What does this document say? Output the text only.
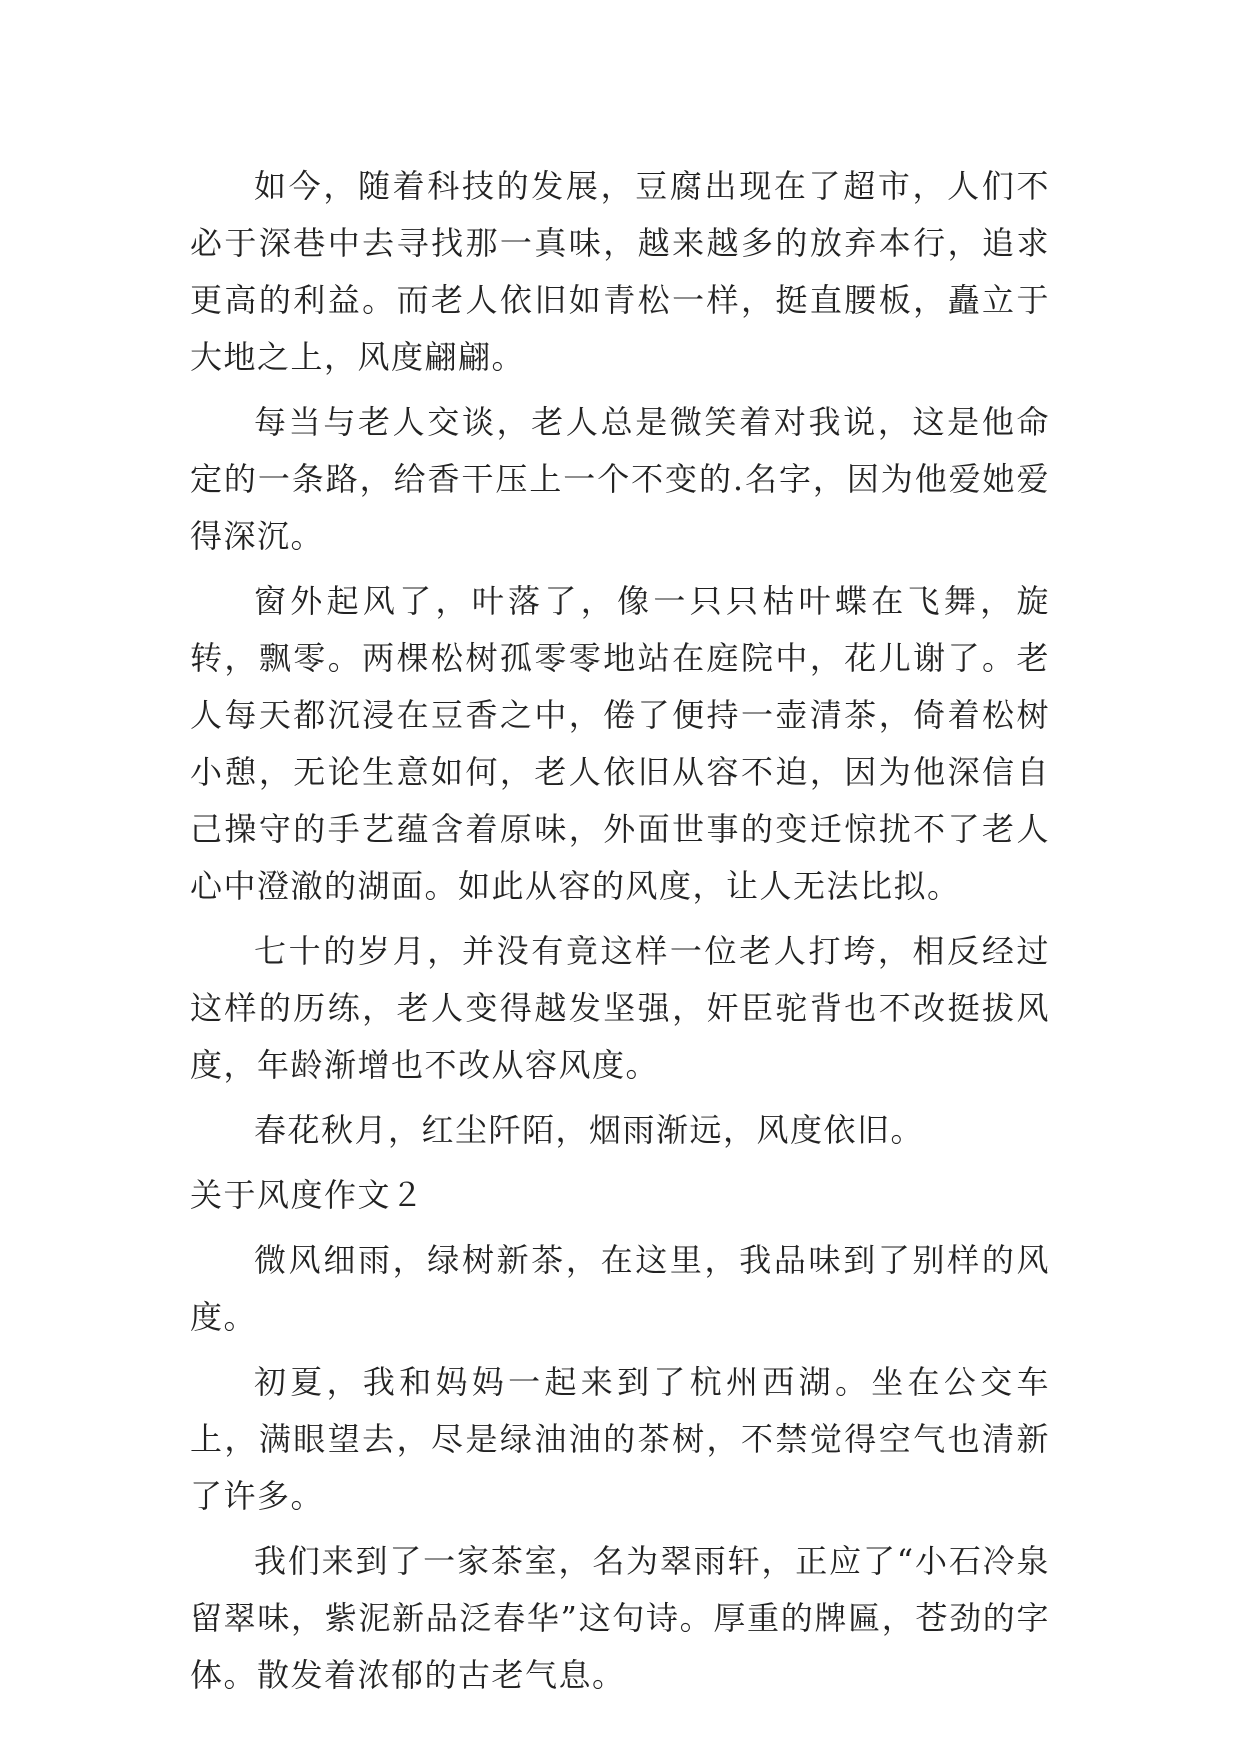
如今，随着科技的发展，豆腐出现在了超市，人们不必于深巷中去寻找那一真味，越来越多的放弃本行，追求更高的利益。而老人依旧如青松一样，挺直腰板，矗立于大地之上，风度翩翩。

每当与老人交谈，老人总是微笑着对我说，这是他命定的一条路，给香干压上一个不变的.名字，因为他爱她爱得深沉。

窗外起风了，叶落了，像一只只枯叶蝶在飞舞，旋转，飘零。两棵松树孤零零地站在庭院中，花儿谢了。老人每天都沉浸在豆香之中，倦了便持一壶清茶，倚着松树小憩，无论生意如何，老人依旧从容不迫，因为他深信自己操守的手艺蕴含着原味，外面世事的变迁惊扰不了老人心中澄澈的湖面。如此从容的风度，让人无法比拟。

七十的岁月，并没有竟这样一位老人打垮，相反经过这样的历练，老人变得越发坚强，奸臣驼背也不改挺拔风度，年龄渐增也不改从容风度。

春花秋月，红尘阡陌，烟雨渐远，风度依旧。

关于风度作文２

微风细雨，绿树新茶，在这里，我品味到了别样的风度。

初夏，我和妈妈一起来到了杭州西湖。坐在公交车上，满眼望去，尽是绿油油的茶树，不禁觉得空气也清新了许多。

我们来到了一家茶室，名为翠雨轩，正应了“小石冷泉留翠味，紫泥新品泛春华”这句诗。厚重的牌匾，苍劲的字体。散发着浓郁的古老气息。
